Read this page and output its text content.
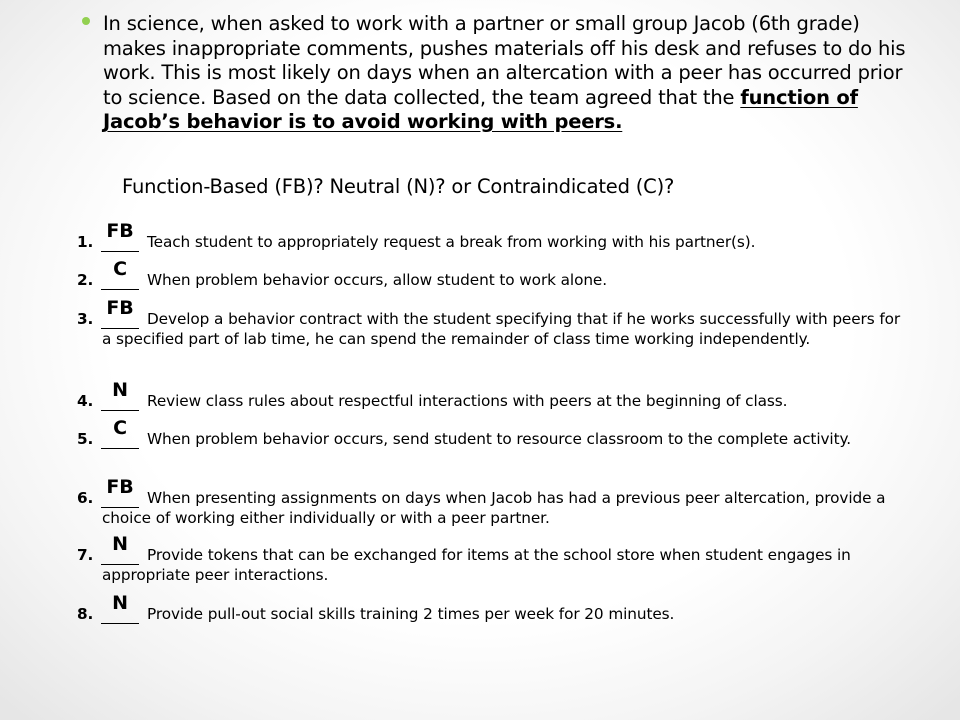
In science, when asked to work with a partner or small group Jacob (6th grade) makes inappropriate comments, pushes materials off his desk and refuses to do his work. This is most likely on days when an altercation with a peer has occurred prior to science. Based on the data collected, the team agreed that the function of Jacob’s behavior is to avoid working with peers.
Function-Based (FB)? Neutral (N)? or Contraindicated (C)?
1. FB Teach student to appropriately request a break from working with his partner(s).
2.	C	When problem behavior occurs, allow student to work alone.
3. FB Develop a behavior contract with the student specifying that if he works successfully with peers for a specified part of lab time, he can spend the remainder of class time working independently.
4. N	Review class rules about respectful interactions with peers at the beginning of class.
5.	C	When problem behavior occurs, send student to resource classroom to the complete activity.
6. FB When presenting assignments on days when Jacob has had a previous peer altercation, provide a choice of working either individually or with a peer partner.
7. N	Provide tokens that can be exchanged for items at the school store when student engages in appropriate peer interactions.
8. N	Provide pull-out social skills training 2 times per week for 20 minutes.
